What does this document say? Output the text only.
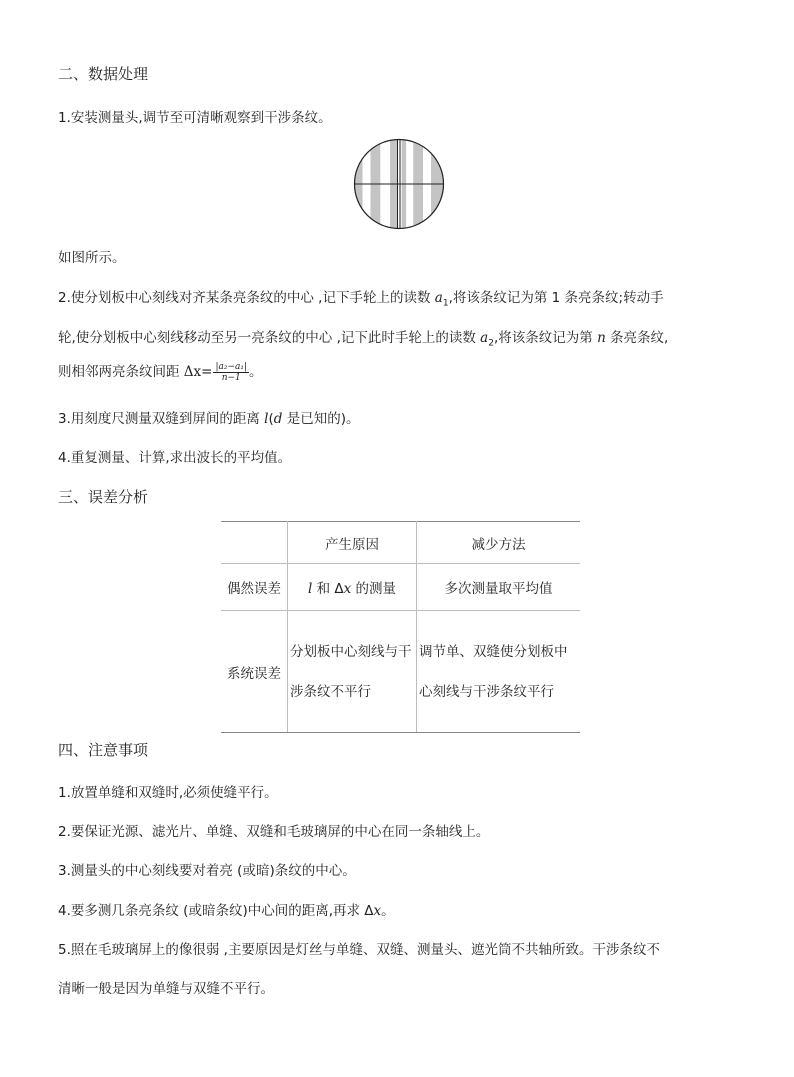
二、数据处理
1.安装测量头,调节至可清晰观察到干涉条纹。
如图所示。
2.使分划板中心刻线对齐某条亮条纹的中心 ,记下手轮上的读数 $a_1$,将该条纹记为第 1 条亮条纹;转动手
轮,使分划板中心刻线移动至另一亮条纹的中心 ,记下此时手轮上的读数 $a_2$,将该条纹记为第 n 条亮条纹,
则相邻两亮条纹间距 $\Delta x= \frac{\text{|a₂−a₁|}}{n-1}$ 。
3.用刻度尺测量双缝到屏间的距离 l(d 是已知的)。
4.重复测量、计算,求出波长的平均值。
三、误差分析
	产生原因	减少方法
偶然误差	l 和 Δx 的测量	多次测量取平均值
系统误差	分划板中心刻线与干涉条纹不平行	调节单、双缝使分划板中心刻线与干涉条纹平行
四、注意事项
1.放置单缝和双缝时,必须使缝平行。
2.要保证光源、滤光片、单缝、双缝和毛玻璃屏的中心在同一条轴线上。
3.测量头的中心刻线要对着亮 (或暗)条纹的中心。
4.要多测几条亮条纹 (或暗条纹)中心间的距离,再求 Δx。
5.照在毛玻璃屏上的像很弱 ,主要原因是灯丝与单缝、双缝、测量头、遮光筒不共轴所致。干涉条纹不
清晰一般是因为单缝与双缝不平行。
